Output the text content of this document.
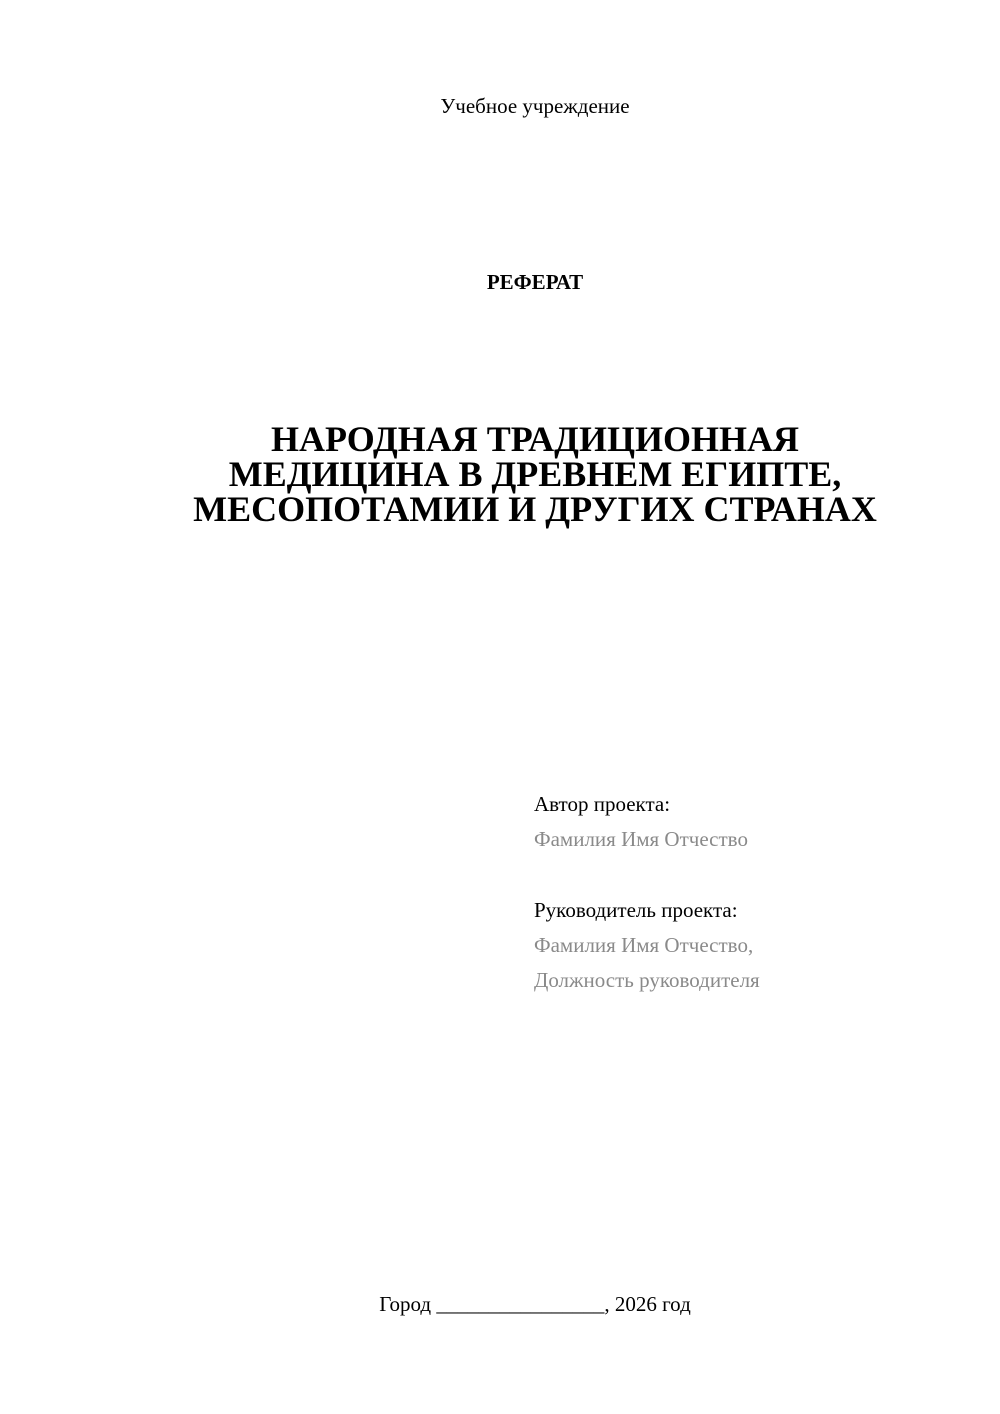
Учебное учреждение
РЕФЕРАТ
НАРОДНАЯ ТРАДИЦИОННАЯ
МЕДИЦИНА В ДРЕВНЕМ ЕГИПТЕ,
МЕСОПОТАМИИ И ДРУГИХ СТРАНАХ
Автор проекта:
Фамилия Имя Отчество
Руководитель проекта:
Фамилия Имя Отчество,
Должность руководителя
Город ________________, 2026 год
